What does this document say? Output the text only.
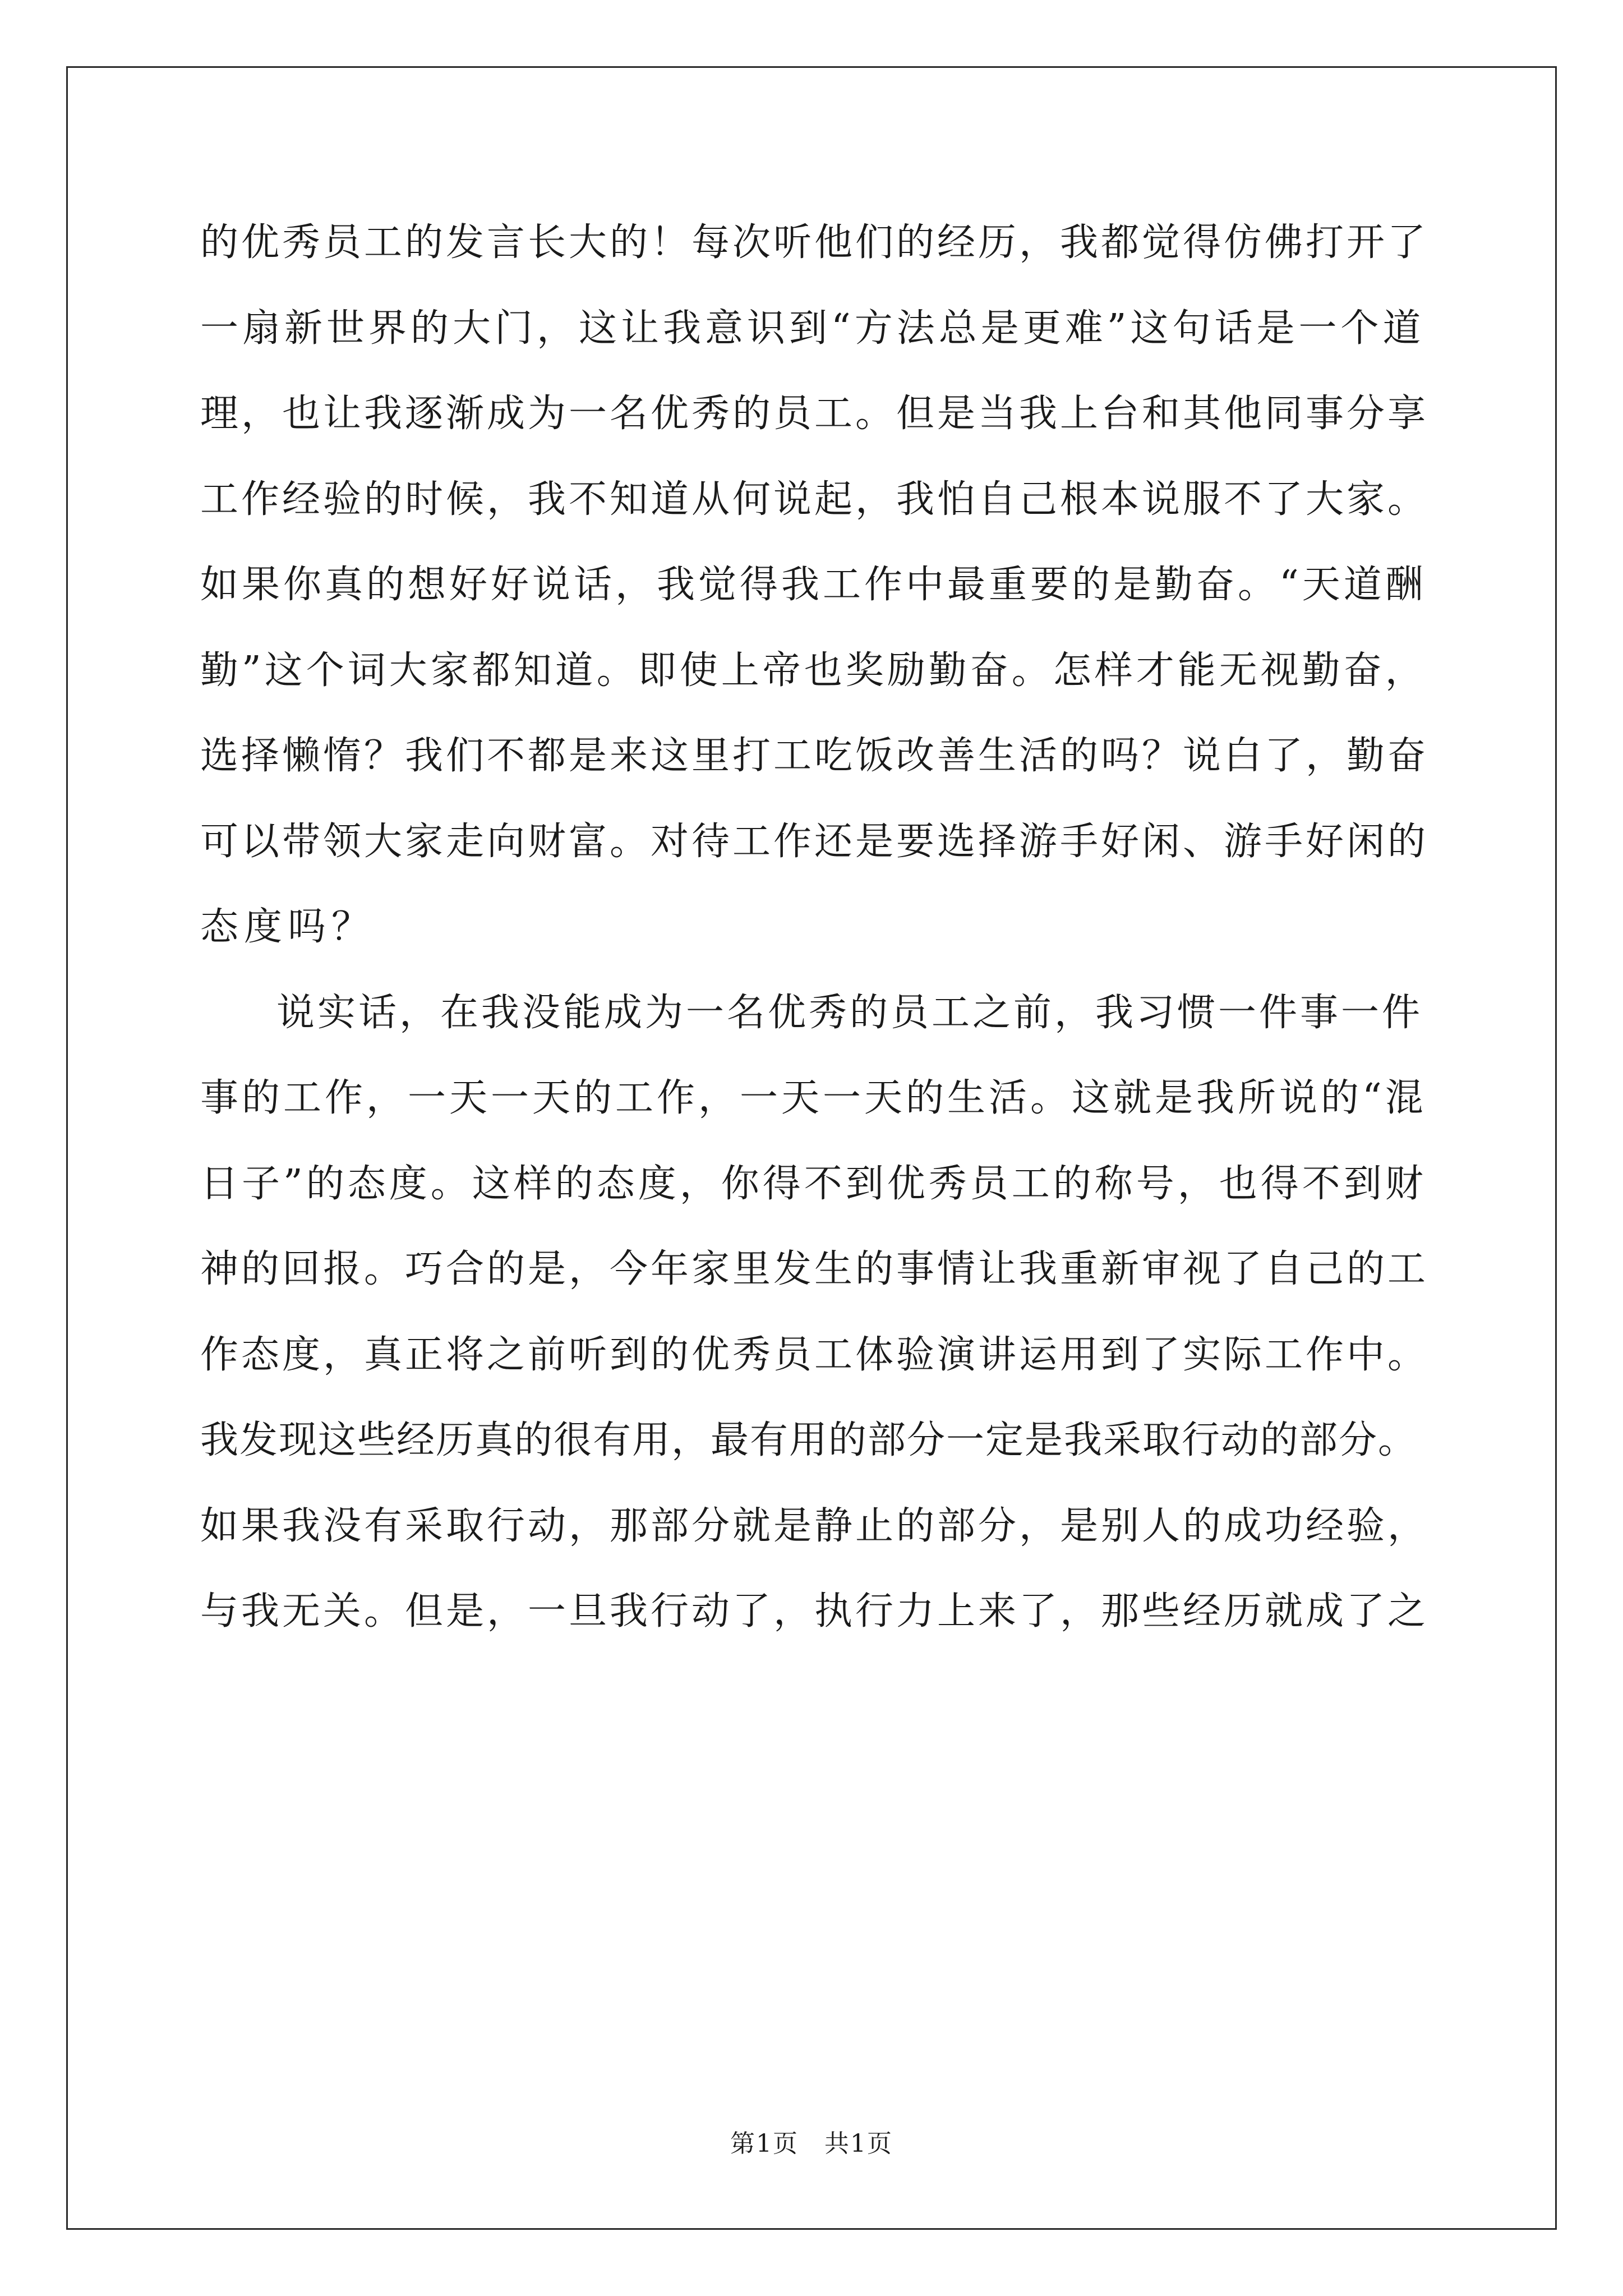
的优秀员工的发言长大的！每次听他们的经历，我都觉得仿佛打开了
一扇新世界的大门，这让我意识到“方法总是更难”这句话是一个道
理，也让我逐渐成为一名优秀的员工。但是当我上台和其他同事分享
工作经验的时候，我不知道从何说起，我怕自己根本说服不了大家。
如果你真的想好好说话，我觉得我工作中最重要的是勤奋。“天道酬
勤”这个词大家都知道。即使上帝也奖励勤奋。怎样才能无视勤奋，
选择懒惰？我们不都是来这里打工吃饭改善生活的吗？说白了，勤奋
可以带领大家走向财富。对待工作还是要选择游手好闲、游手好闲的
态度吗？
说实话，在我没能成为一名优秀的员工之前，我习惯一件事一件
事的工作，一天一天的工作，一天一天的生活。这就是我所说的“混
日子”的态度。这样的态度，你得不到优秀员工的称号，也得不到财
神的回报。巧合的是，今年家里发生的事情让我重新审视了自己的工
作态度，真正将之前听到的优秀员工体验演讲运用到了实际工作中。
我发现这些经历真的很有用，最有用的部分一定是我采取行动的部分。
如果我没有采取行动，那部分就是静止的部分，是别人的成功经验，
与我无关。但是，一旦我行动了，执行力上来了，那些经历就成了之
第1页　共1页
